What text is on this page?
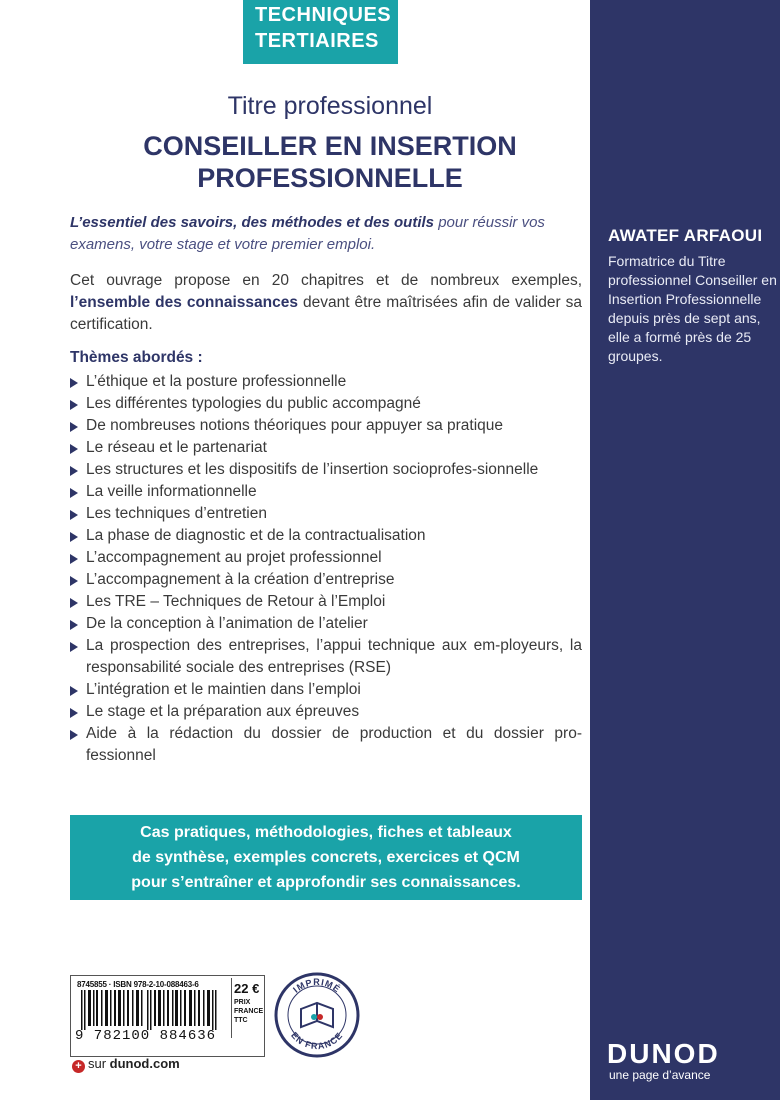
TECHNIQUES
TERTIAIRES
Titre professionnel
CONSEILLER EN INSERTION
PROFESSIONNELLE

L’essentiel des savoirs, des méthodes et des outils pour réussir vos examens, votre stage et votre premier emploi.

Cet ouvrage propose en 20 chapitres et de nombreux exemples, l’ensemble des connaissances devant être maîtrisées afin de valider sa certification.

Thèmes abordés :
L’éthique et la posture professionnelle
Les différentes typologies du public accompagné
De nombreuses notions théoriques pour appuyer sa pratique
Le réseau et le partenariat
Les structures et les dispositifs de l’insertion socioprofes-sionnelle
La veille informationnelle
Les techniques d’entretien
La phase de diagnostic et de la contractualisation
L’accompagnement au projet professionnel
L’accompagnement à la création d’entreprise
Les TRE – Techniques de Retour à l’Emploi
De la conception à l’animation de l’atelier
La prospection des entreprises, l’appui technique aux em-ployeurs, la responsabilité sociale des entreprises (RSE)
L’intégration et le maintien dans l’emploi
Le stage et la préparation aux épreuves
Aide à la rédaction du dossier de production et du dossier pro-fessionnel
Cas pratiques, méthodologies, fiches et tableaux
de synthèse, exemples concrets, exercices et QCM
pour s’entraîner et approfondir ses connaissances.
AWATEF ARFAOUI
Formatrice du Titre professionnel Conseiller en Insertion Professionnelle depuis près de sept ans, elle a formé près de 25 groupes.
8745855 · ISBN 978-2-10-088463-6
9 782100 884636
22 €
PRIX FRANCE TTC
+ sur dunod.com
IMPRIMÉ
EN FRANCE
DUNOD
une page d’avance
